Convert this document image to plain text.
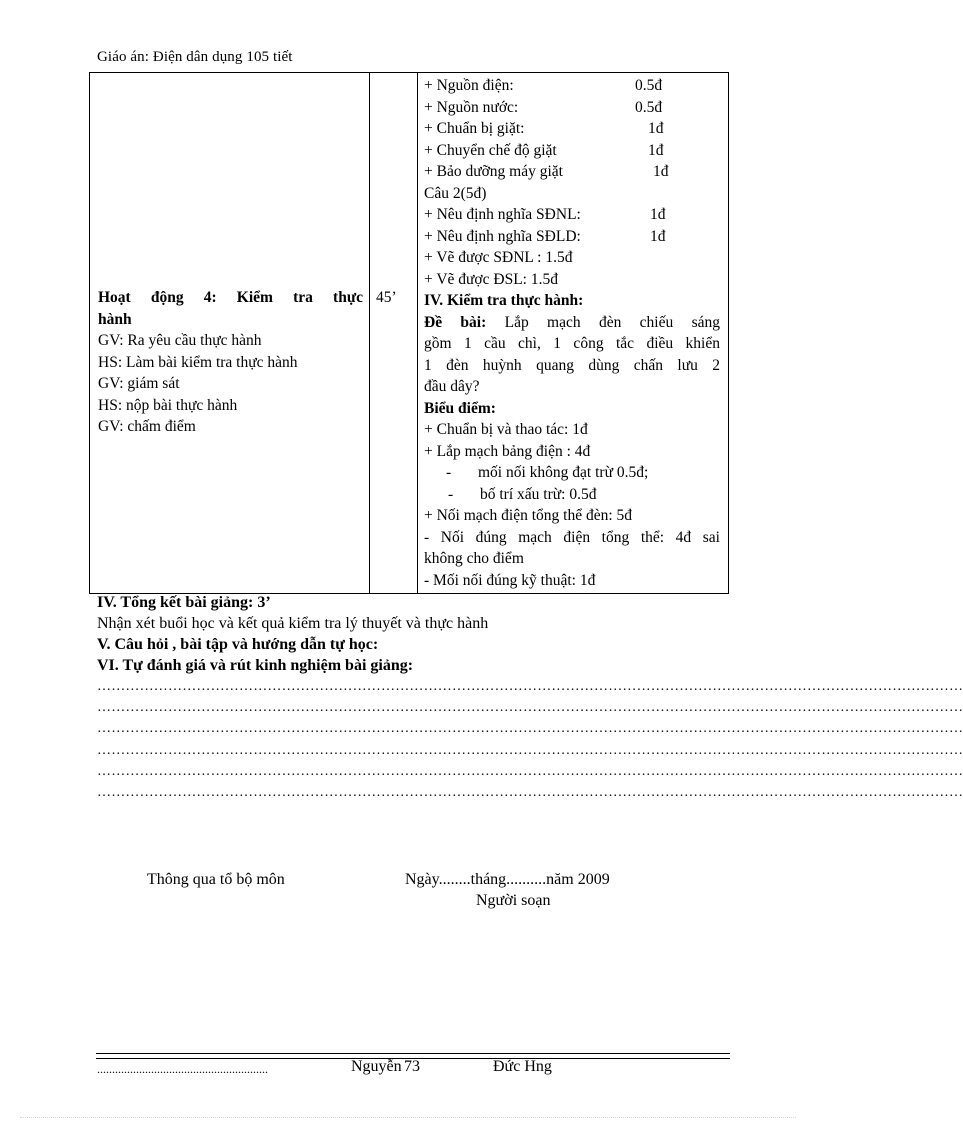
Giáo án: Điện dân dụng 105 tiết
Hoạt động 4: Kiểm tra thực
hành
GV: Ra yêu cầu thực hành
HS: Làm bài kiểm tra thực hành
GV: giám sát
HS: nộp bài thực hành
GV: chấm điểm

45’

+ Nguồn điện:	0.5đ
+ Nguồn nước:	0.5đ
+ Chuẩn bị giặt:	1đ
+ Chuyển chế độ giặt	1đ
+ Bảo dưỡng máy giặt	1đ
Câu 2(5đ)
+ Nêu định nghĩa SĐNL:	1đ
+ Nêu định nghĩa SĐLD:	1đ
+ Vẽ được SĐNL : 1.5đ
+ Vẽ được ĐSL: 1.5đ
IV. Kiểm tra thực hành:
Đề bài: Lắp mạch đèn chiếu sáng
gồm 1 cầu chì, 1 công tắc điều khiển
1 đèn huỳnh quang dùng chấn lưu 2
đầu dây?
Biểu điểm:
+ Chuẩn bị và thao tác: 1đ
+ Lắp mạch bảng điện : 4đ
- mối nối không đạt trừ 0.5đ;
- bố trí xấu trừ: 0.5đ
+ Nối mạch điện tổng thể đèn: 5đ
- Nối đúng mạch điện tổng thể: 4đ sai
không cho điểm
- Mối nối đúng kỹ thuật: 1đ
IV. Tổng kết bài giảng: 3’
Nhận xét buổi học và kết quả kiểm tra lý thuyết và thực hành
V. Câu hỏi , bài tập và hướng dẫn tự học:
VI. Tự đánh giá và rút kinh nghiệm bài giảng:
…………………………………………………………………………………………………………………………………………………………………
…………………………………………………………………………………………………………………………………………………………………
…………………………………………………………………………………………………………………………………………………………………
…………………………………………………………………………………………………………………………………………………………………
…………………………………………………………………………………………………………………………………………………………………
…………………………………………………………………………………………………………………………………………………………………
Thông qua tổ bộ môn	Ngày........tháng..........năm 2009
Người soạn
.........................................................	Nguyễn 73	Đức Hng
